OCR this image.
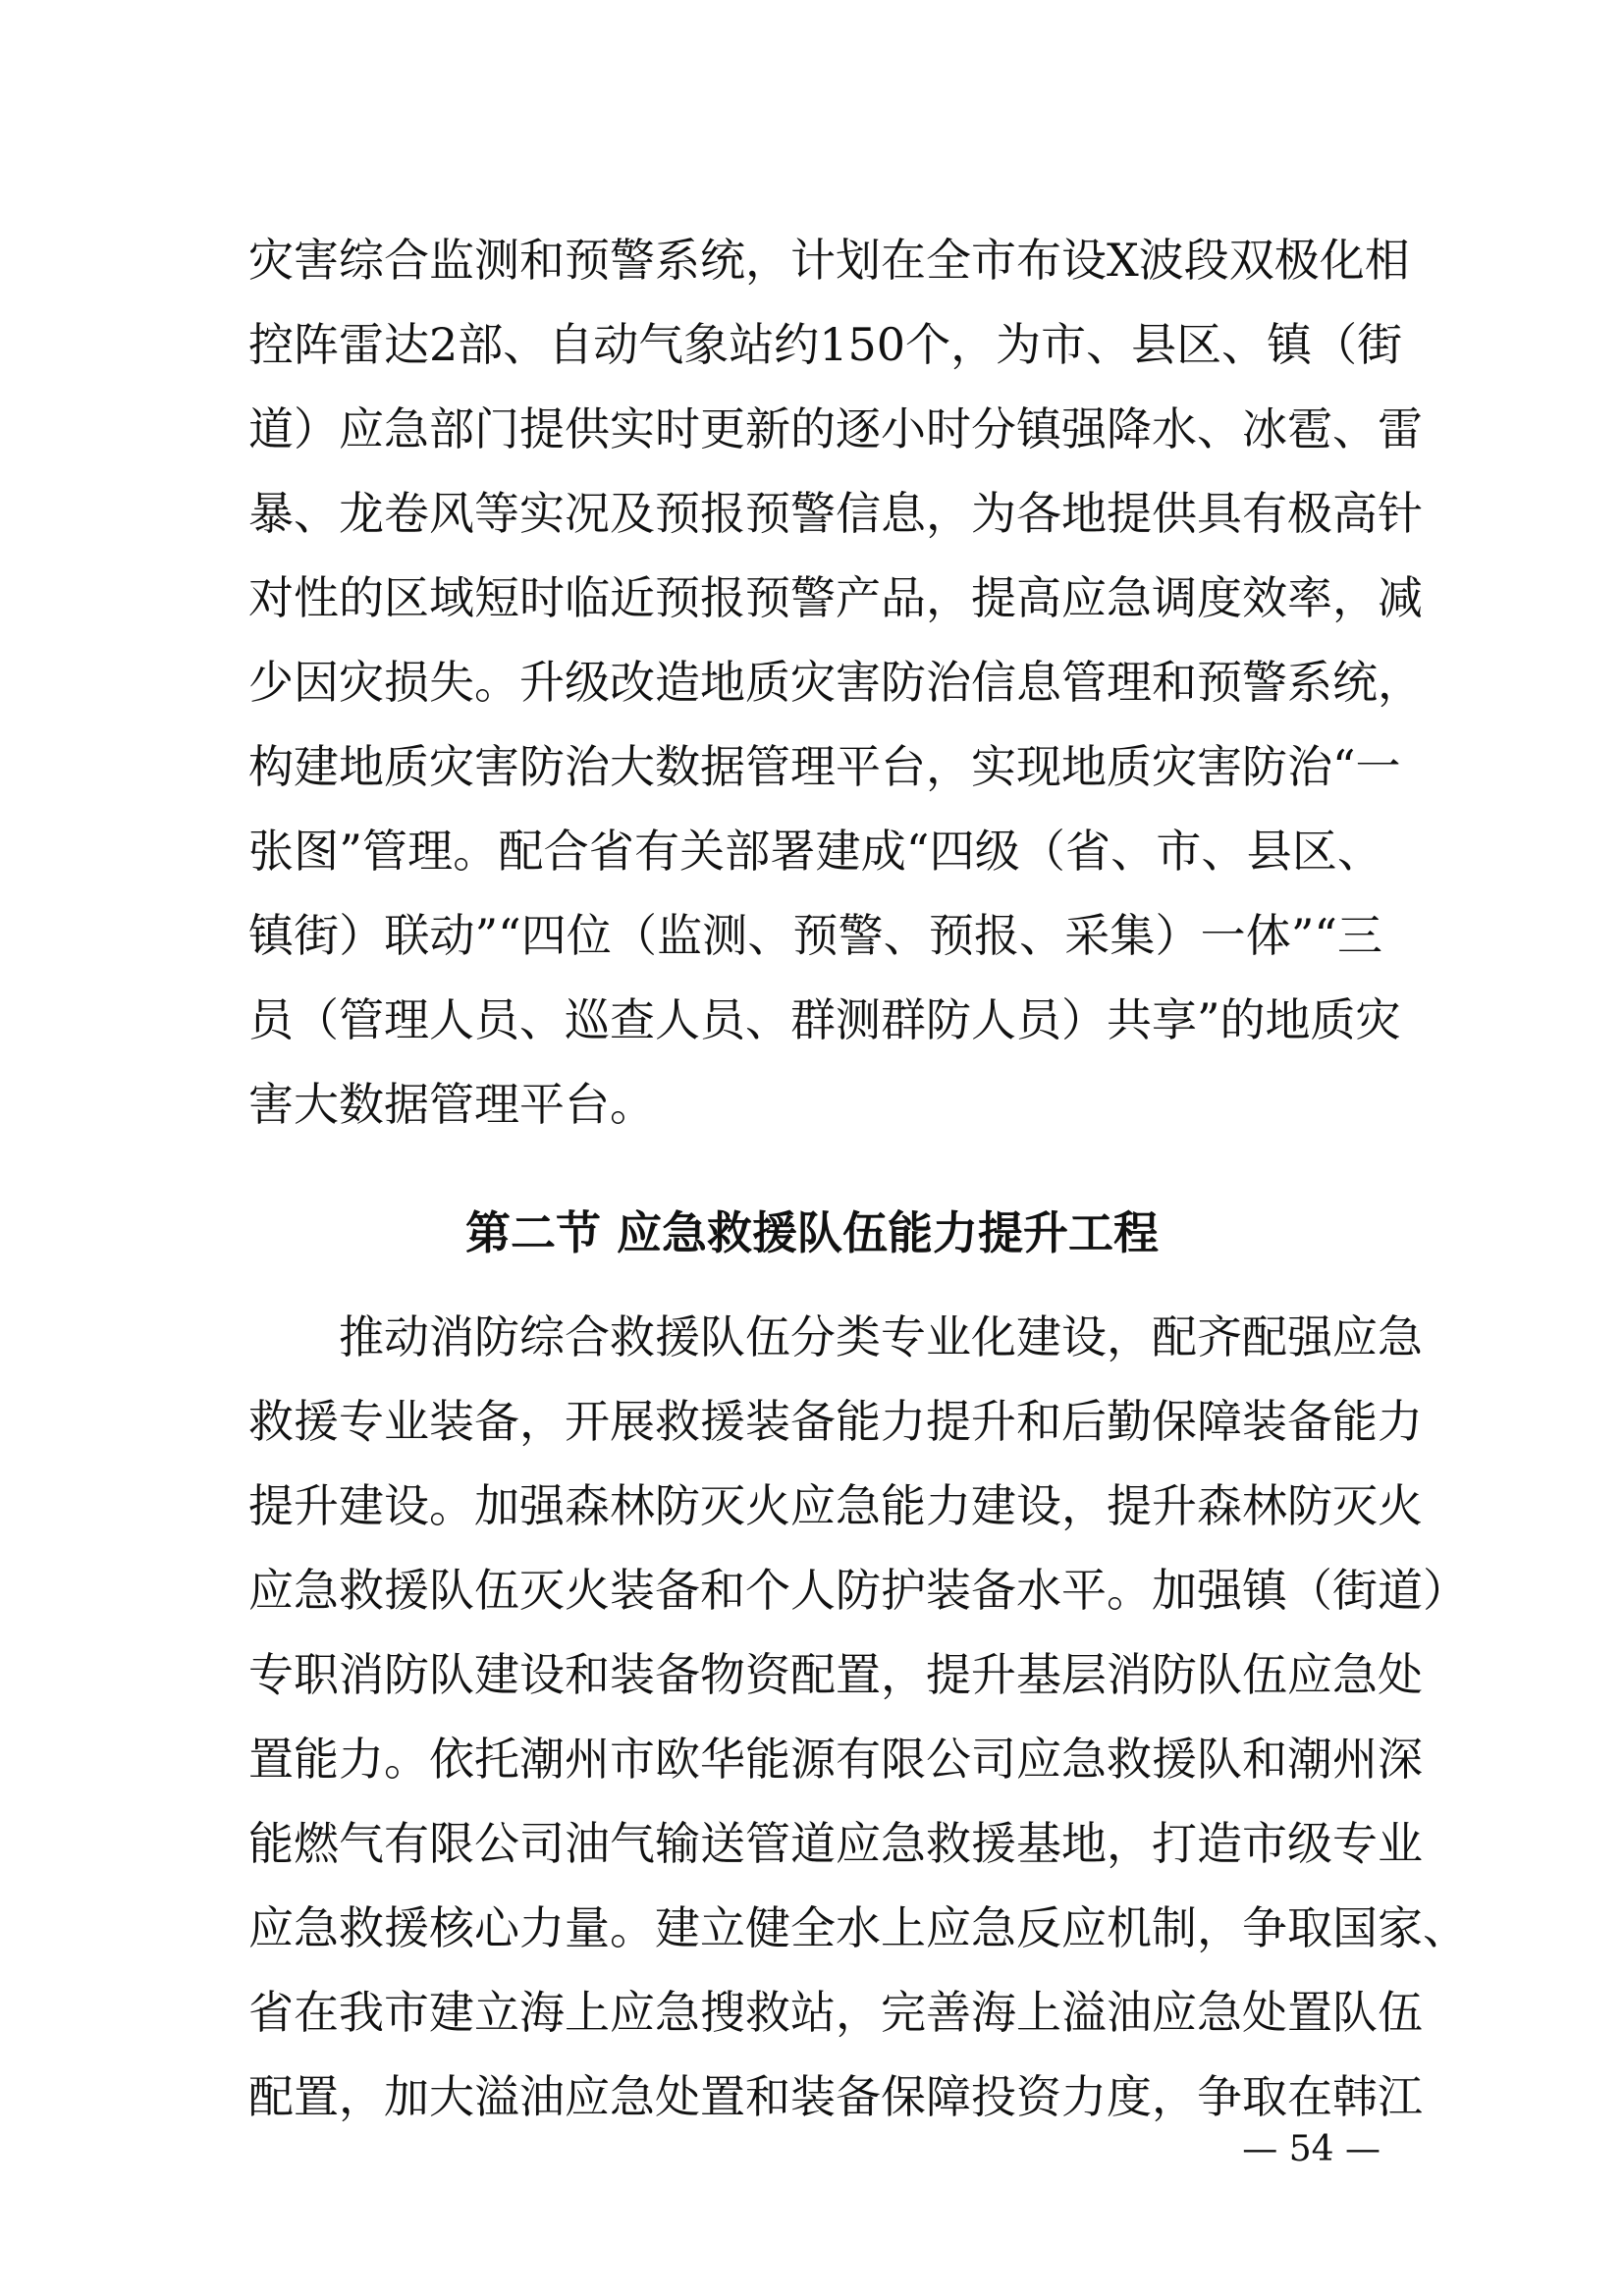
灾害综合监测和预警系统，计划在全市布设X波段双极化相
控阵雷达2部、自动气象站约150个，为市、县区、镇（街
道）应急部门提供实时更新的逐小时分镇强降水、冰雹、雷
暴、龙卷风等实况及预报预警信息，为各地提供具有极高针
对性的区域短时临近预报预警产品，提高应急调度效率，减
少因灾损失。升级改造地质灾害防治信息管理和预警系统，
构建地质灾害防治大数据管理平台，实现地质灾害防治“一
张图”管理。配合省有关部署建成“四级（省、市、县区、
镇街）联动”“四位（监测、预警、预报、采集）一体”“三
员（管理人员、巡查人员、群测群防人员）共享”的地质灾
害大数据管理平台。
第二节 应急救援队伍能力提升工程
推动消防综合救援队伍分类专业化建设，配齐配强应急
救援专业装备，开展救援装备能力提升和后勤保障装备能力
提升建设。加强森林防灭火应急能力建设，提升森林防灭火
应急救援队伍灭火装备和个人防护装备水平。加强镇（街道）
专职消防队建设和装备物资配置，提升基层消防队伍应急处
置能力。依托潮州市欧华能源有限公司应急救援队和潮州深
能燃气有限公司油气输送管道应急救援基地，打造市级专业
应急救援核心力量。建立健全水上应急反应机制，争取国家、
省在我市建立海上应急搜救站，完善海上溢油应急处置队伍
配置，加大溢油应急处置和装备保障投资力度，争取在韩江
— 54 —
